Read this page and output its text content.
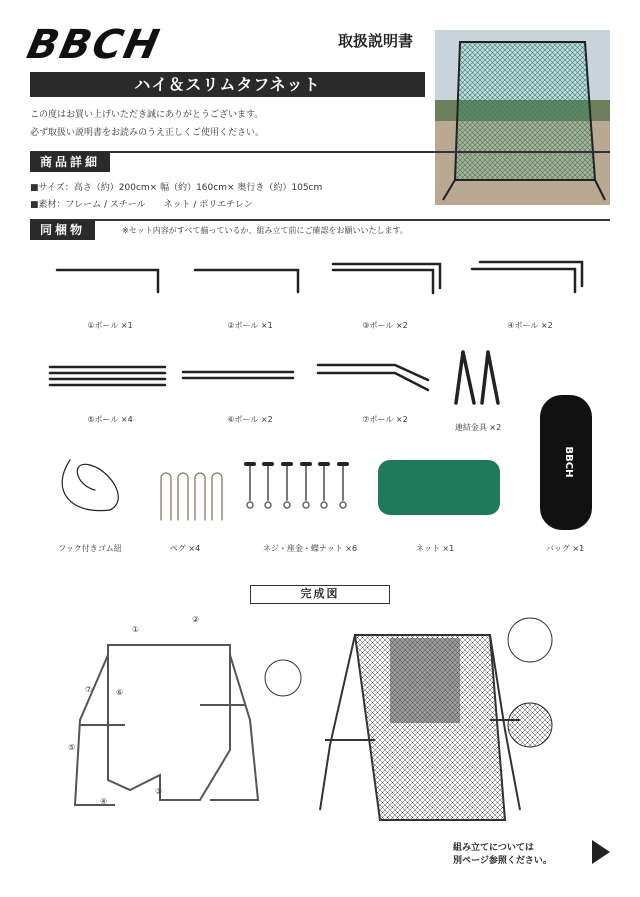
BBCH	取扱説明書
ハイ＆スリムタフネット
この度はお買い上げいただき誠にありがとうございます。
必ず取扱い説明書をお読みのうえ正しくご使用ください。
商品詳細
■サイズ：高さ（約）200cm× 幅（約）160cm× 奥行き（約）105cm
■素材：フレーム / スチール　　ネット / ポリエチレン
同梱物	※セット内容がすべて揃っているか、組み立て前にご確認をお願いいたします。
BBCH
①ポール ×1	②ポール ×1	③ポール ×2	④ポール ×2
⑤ポール ×4	⑥ポール ×2	⑦ポール ×2
連結金具 ×2
フック付きゴム紐	ペグ ×4	ネジ・座金・蝶ナット ×6	ネット ×1	バッグ ×1
完成図
①
②
③
④
⑤
⑥
⑦
組み立てについては
別ページ参照ください。
